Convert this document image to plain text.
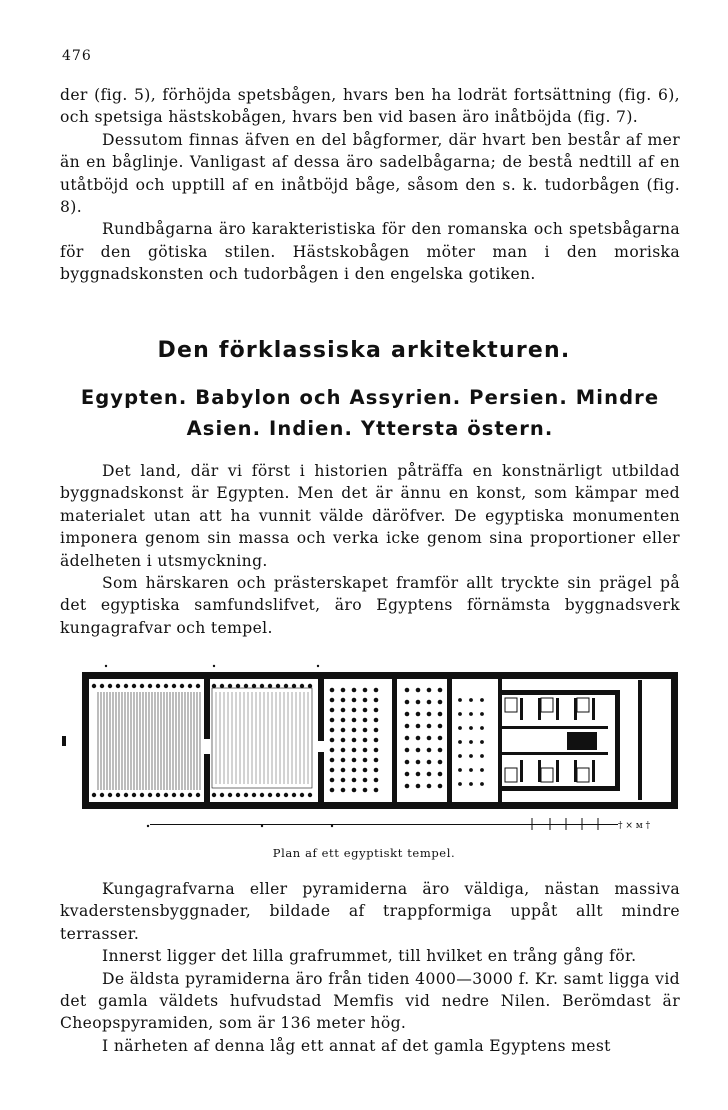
476

der (fig. 5), förhöjda spetsbågen, hvars ben ha lodrät fortsättning (fig. 6), och spetsiga hästskobågen, hvars ben vid basen äro inåtböjda (fig. 7).

Dessutom finnas äfven en del bågformer, där hvart ben består af mer än en båglinje. Vanligast af dessa äro sadelbågarna; de bestå nedtill af en utåtböjd och upptill af en inåtböjd båge, såsom den s. k. tudorbågen (fig. 8).

Rundbågarna äro karakteristiska för den romanska och spetsbågarna för den götiska stilen. Hästskobågen möter man i den moriska byggnadskonsten och tudorbågen i den engelska gotiken.

Den förklassiska arkitekturen.
Egypten. Babylon och Assyrien. Persien. Mindre Asien. Indien. Yttersta östern.

Det land, där vi först i historien påträffa en konstnärligt utbildad byggnadskonst är Egypten. Men det är ännu en konst, som kämpar med materialet utan att ha vunnit välde däröfver. De egyptiska monumenten imponera genom sin massa och verka icke genom sina proportioner eller ädelheten i utsmyckning.

Som härskaren och prästerskapet framför allt tryckte sin prägel på det egyptiska samfundslifvet, äro Egyptens förnämsta byggnadsverk kungagrafvar och tempel.

† × м †
Plan af ett egyptiskt tempel.

Kungagrafvarna eller pyramiderna äro väldiga, nästan massiva kvaderstensbyggnader, bildade af trappformiga uppåt allt mindre terrasser.

Innerst ligger det lilla grafrummet, till hvilket en trång gång för.

De äldsta pyramiderna äro från tiden 4000—3000 f. Kr. samt ligga vid det gamla väldets hufvudstad Memfis vid nedre Nilen. Berömdast är Cheopspyramiden, som är 136 meter hög.

I närheten af denna låg ett annat af det gamla Egyptens mest
